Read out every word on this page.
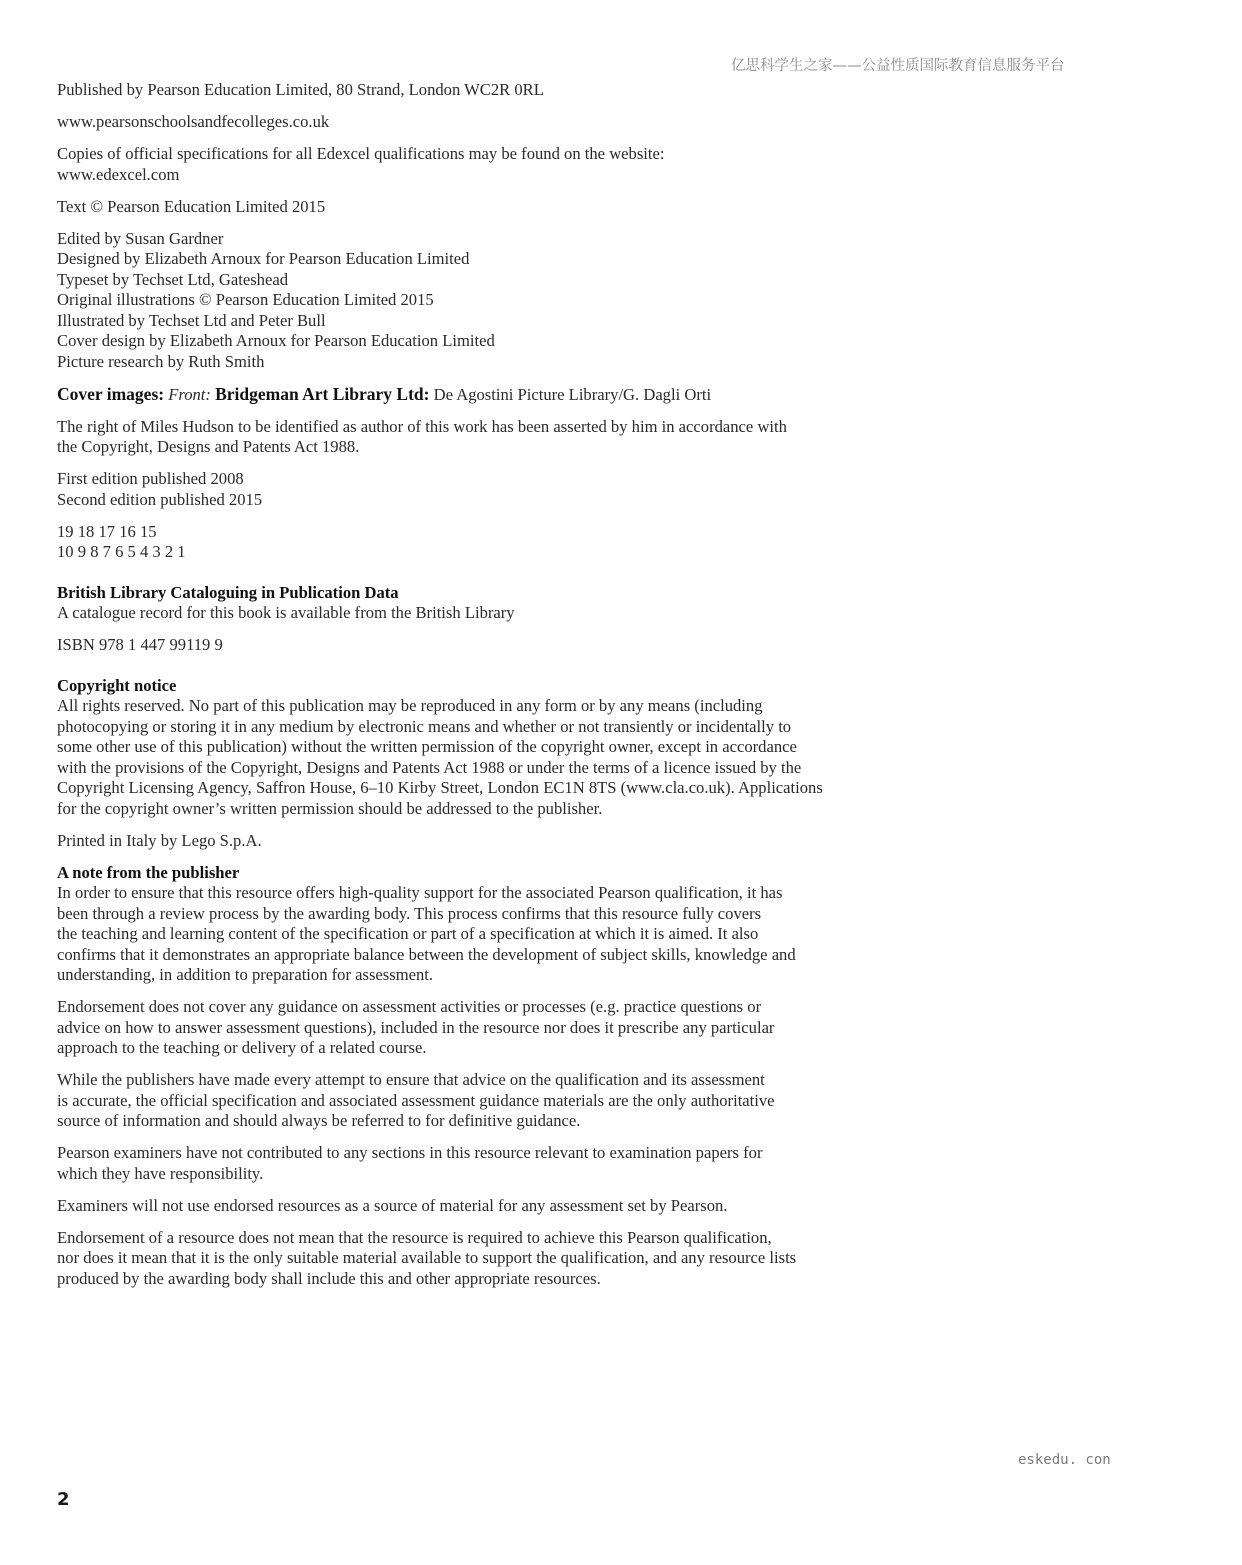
亿思科学生之家——公益性质国际教育信息服务平台

Published by Pearson Education Limited, 80 Strand, London WC2R 0RL

www.pearsonschoolsandfecolleges.co.uk

Copies of official specifications for all Edexcel qualifications may be found on the website:
www.edexcel.com

Text © Pearson Education Limited 2015

Edited by Susan Gardner
Designed by Elizabeth Arnoux for Pearson Education Limited
Typeset by Techset Ltd, Gateshead
Original illustrations © Pearson Education Limited 2015
Illustrated by Techset Ltd and Peter Bull
Cover design by Elizabeth Arnoux for Pearson Education Limited
Picture research by Ruth Smith

Cover images: Front: Bridgeman Art Library Ltd: De Agostini Picture Library/G. Dagli Orti

The right of Miles Hudson to be identified as author of this work has been asserted by him in accordance with
the Copyright, Designs and Patents Act 1988.

First edition published 2008
Second edition published 2015

19 18 17 16 15
10 9 8 7 6 5 4 3 2 1

British Library Cataloguing in Publication Data
A catalogue record for this book is available from the British Library

ISBN 978 1 447 99119 9

Copyright notice
All rights reserved. No part of this publication may be reproduced in any form or by any means (including
photocopying or storing it in any medium by electronic means and whether or not transiently or incidentally to
some other use of this publication) without the written permission of the copyright owner, except in accordance
with the provisions of the Copyright, Designs and Patents Act 1988 or under the terms of a licence issued by the
Copyright Licensing Agency, Saffron House, 6–10 Kirby Street, London EC1N 8TS (www.cla.co.uk). Applications
for the copyright owner’s written permission should be addressed to the publisher.

Printed in Italy by Lego S.p.A.

A note from the publisher
In order to ensure that this resource offers high-quality support for the associated Pearson qualification, it has
been through a review process by the awarding body. This process confirms that this resource fully covers
the teaching and learning content of the specification or part of a specification at which it is aimed. It also
confirms that it demonstrates an appropriate balance between the development of subject skills, knowledge and
understanding, in addition to preparation for assessment.

Endorsement does not cover any guidance on assessment activities or processes (e.g. practice questions or
advice on how to answer assessment questions), included in the resource nor does it prescribe any particular
approach to the teaching or delivery of a related course.

While the publishers have made every attempt to ensure that advice on the qualification and its assessment
is accurate, the official specification and associated assessment guidance materials are the only authoritative
source of information and should always be referred to for definitive guidance.

Pearson examiners have not contributed to any sections in this resource relevant to examination papers for
which they have responsibility.

Examiners will not use endorsed resources as a source of material for any assessment set by Pearson.

Endorsement of a resource does not mean that the resource is required to achieve this Pearson qualification,
nor does it mean that it is the only suitable material available to support the qualification, and any resource lists
produced by the awarding body shall include this and other appropriate resources.

eskedu. con
2
